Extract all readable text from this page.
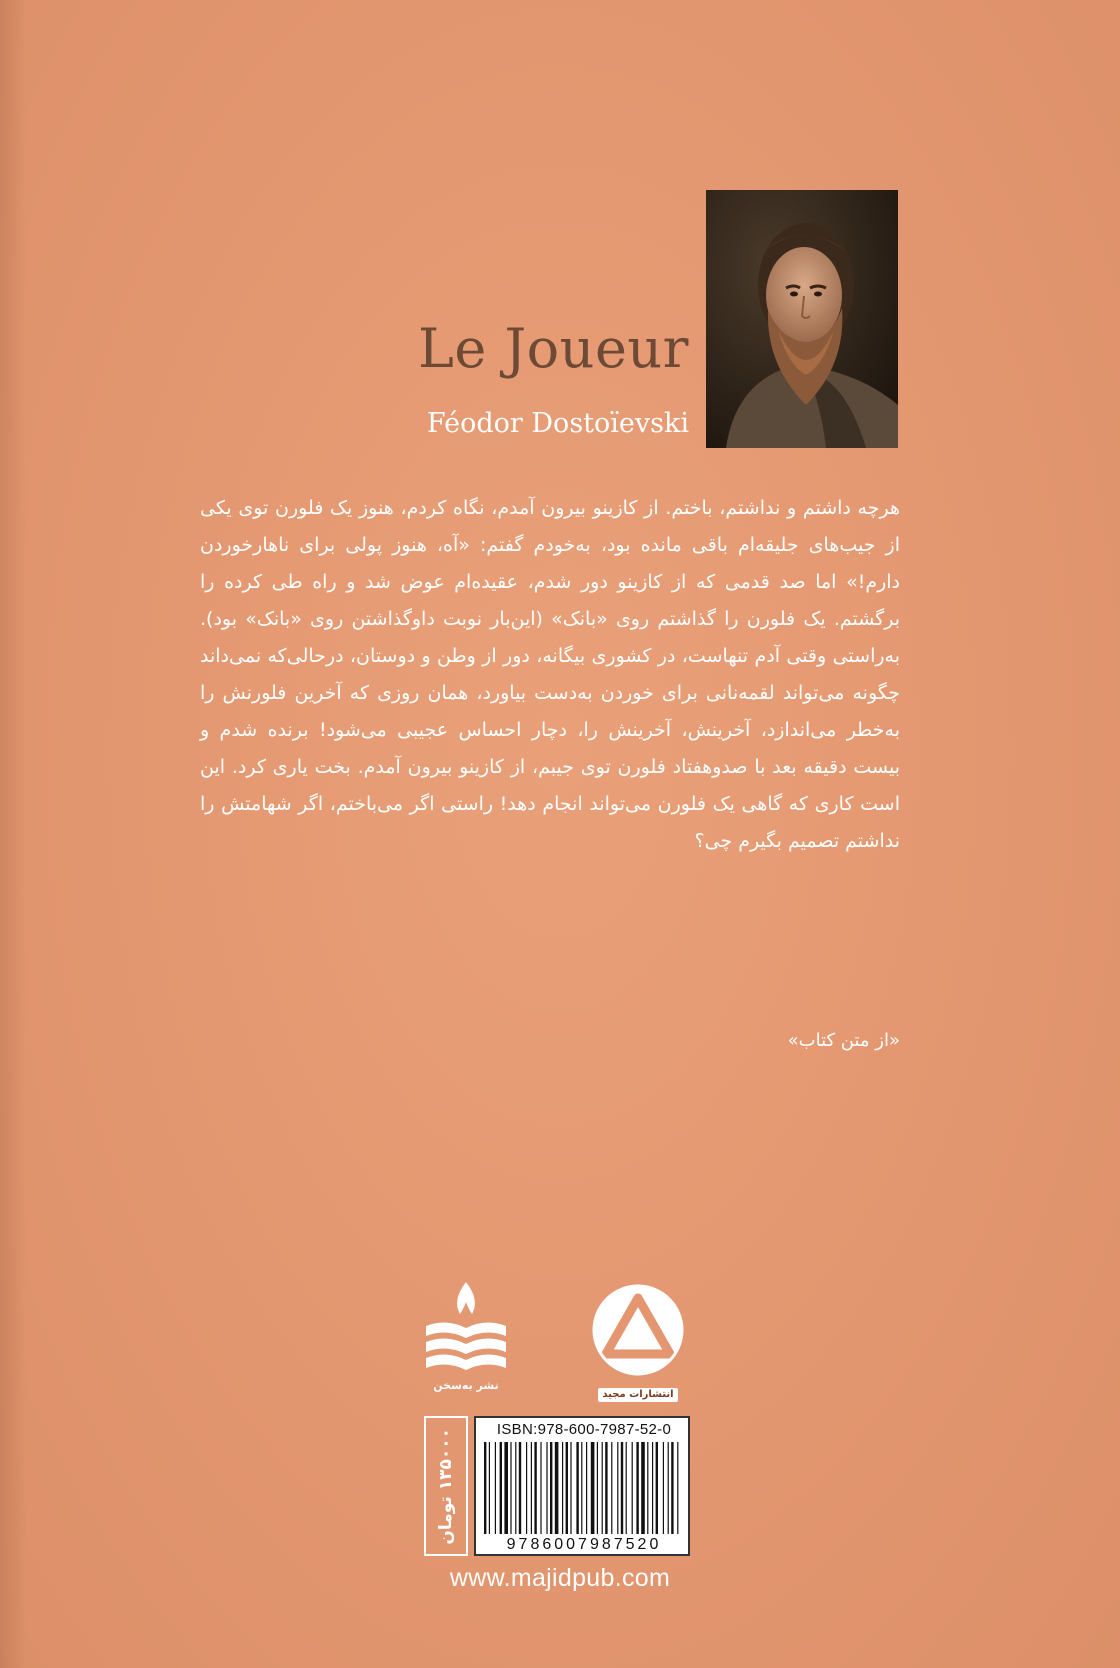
Le Joueur
Féodor Dostoïevski
هرچه داشتم و نداشتم، باختم. از کازینو بیرون آمدم، نگاه کردم، هنوز یک فلورن توی یکی از جیب‌های جلیقه‌ام باقی مانده بود، به‌خودم گفتم: «آه، هنوز پولی برای ناهارخوردن دارم!» اما صد قدمی که از کازینو دور شدم، عقیده‌ام عوض شد و راه طی کرده را برگشتم. یک فلورن را گذاشتم روی «بانک» (این‌بار نوبت داوگذاشتن روی «بانک» بود). به‌راستی وقتی آدم تنهاست، در کشوری بیگانه، دور از وطن و دوستان، درحالی‌که نمی‌داند چگونه می‌تواند لقمه‌نانی برای خوردن به‌دست بیاورد، همان روزی که آخرین فلورنش را به‌خطر می‌اندازد، آخرینش، آخرینش را، دچار احساس عجیبی می‌شود! برنده شدم و بیست دقیقه بعد با صدوهفتاد فلورن توی جیبم، از کازینو بیرون آمدم. بخت یاری کرد. این است کاری که گاهی یک فلورن می‌تواند انجام دهد! راستی اگر می‌باختم، اگر شهامتش را نداشتم تصمیم بگیرم چی؟
«از متن کتاب»
نشر به‌سخن
انتشارات مجید
۱۳۵۰۰۰ تومان	ISBN:978-600-7987-52-0
9786007987520
www.majidpub.com
